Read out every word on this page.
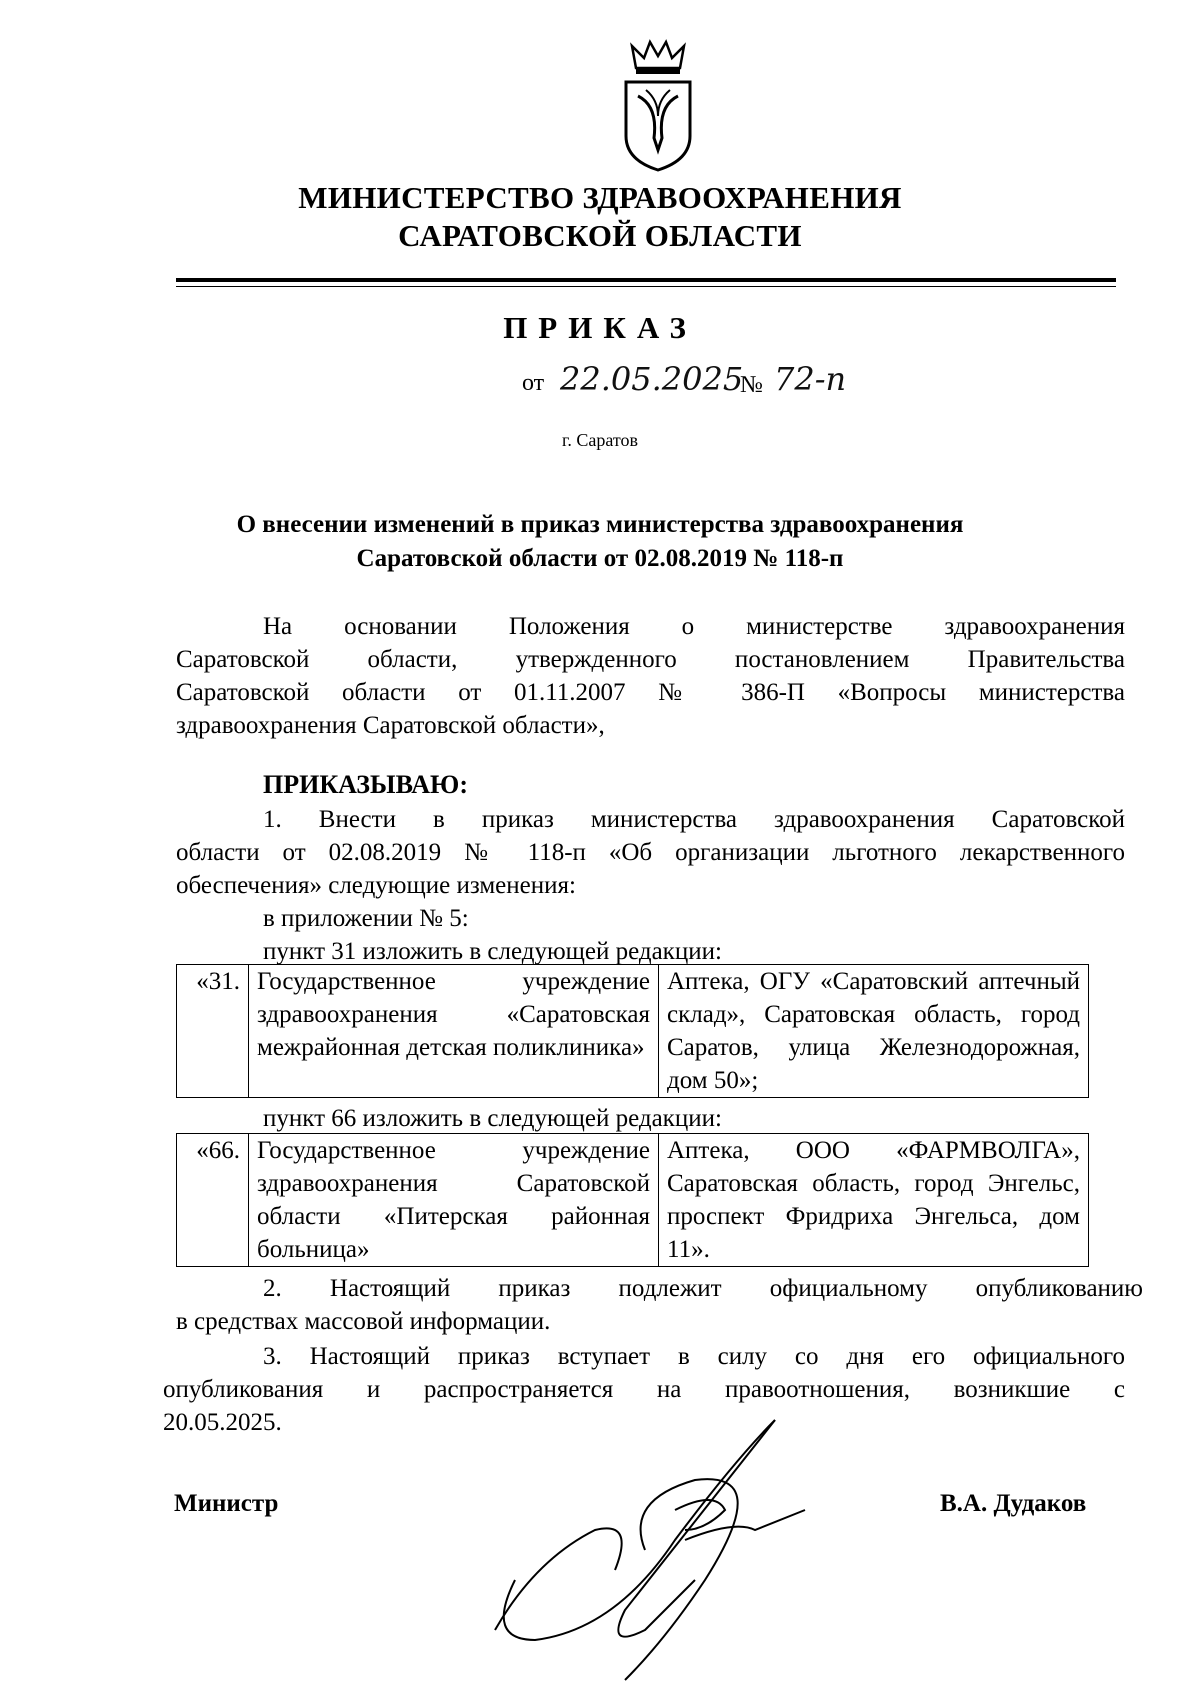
МИНИСТЕРСТВО ЗДРАВООХРАНЕНИЯ
САРАТОВСКОЙ ОБЛАСТИ
ПРИКАЗ
от 22.05.2025
№ 72-п
г. Саратов
О внесении изменений в приказ министерства здравоохранения
Саратовской области от 02.08.2019 № 118-п
На основании Положения о министерстве здравоохранения
Саратовской области, утвержденного постановлением Правительства
Саратовской области от 01.11.2007 № 386-П «Вопросы министерства
здравоохранения Саратовской области»,
ПРИКАЗЫВАЮ:
1. Внести в приказ министерства здравоохранения Саратовской
области от 02.08.2019 № 118-п «Об организации льготного лекарственного
обеспечения» следующие изменения:
в приложении № 5:
пункт 31 изложить в следующей редакции:
«31.	Государственное учреждение здравоохранения «Саратовская межрайонная детская поликлиника»	Аптека, ОГУ «Саратовский аптечный склад», Саратовская область, город Саратов, улица Железнодорожная, дом 50»;
пункт 66 изложить в следующей редакции:
«66.	Государственное учреждение здравоохранения Саратовской области «Питерская районная больница»	Аптека, ООО «ФАРМВОЛГА», Саратовская область, город Энгельс, проспект Фридриха Энгельса, дом 11».
2. Настоящий приказ подлежит официальному опубликованию
в средствах массовой информации.
3. Настоящий приказ вступает в силу со дня его официального
опубликования и распространяется на правоотношения, возникшие с
20.05.2025.
Министр	В.А. Дудаков
